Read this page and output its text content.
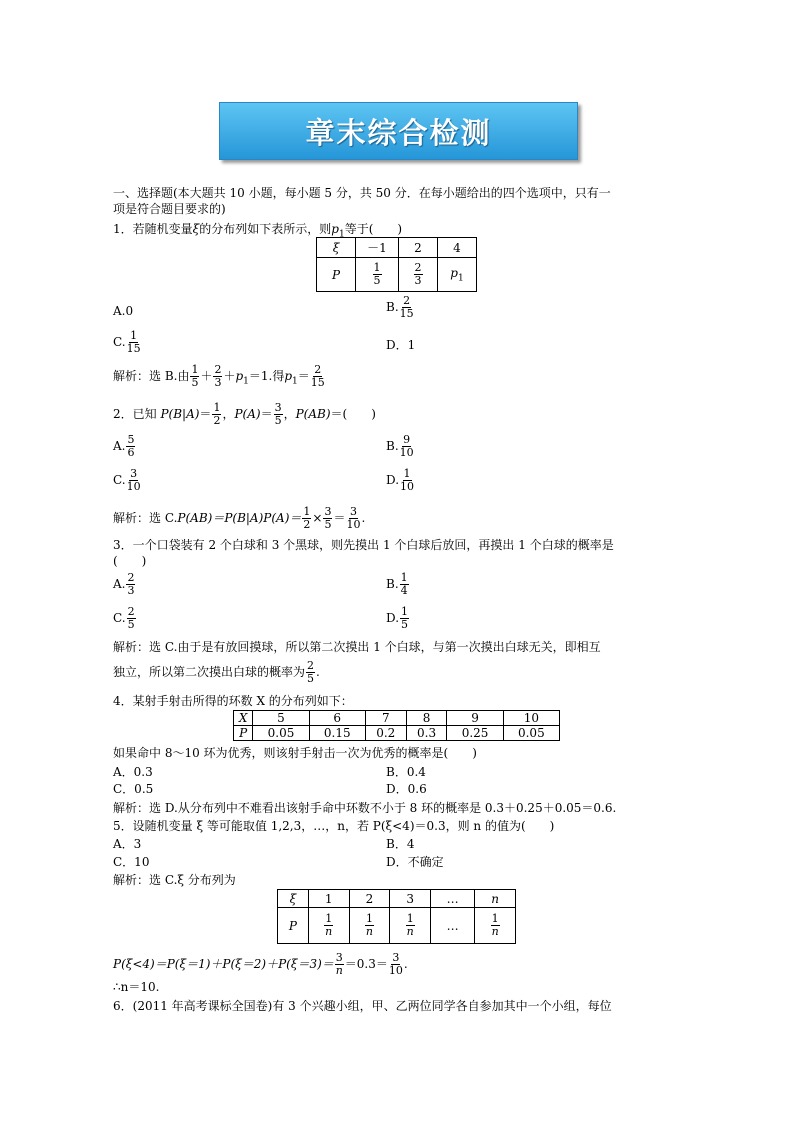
章末综合检测
一、选择题(本大题共 10 小题，每小题 5 分，共 50 分．在每小题给出的四个选项中，只有一
项是符合题目要求的)
1．若随机变量ξ的分布列如下表所示，则$p_1$等于(　　)
ξ	－1	2	4
P	$\frac{1}{5}$	$\frac{2}{3}$	$p_1$
A.0	B. $\frac{2}{15}$
C. $\frac{1}{15}$	D．1
解析：选 B.由 $\frac{1}{5} + \frac{2}{3} +p_1=1$.得$p_1= \frac{2}{15}$
2．已知 $P(B|A)= \frac{1}{2}$ ，$P(A)= \frac{3}{5}$ ，P(AB)＝(　　)
A. $\frac{5}{6}$	B. $\frac{9}{10}$
C. $\frac{3}{10}$	D. $\frac{1}{10}$
解析：选 $C.P(AB)=P(B|A)P(A)= \frac{1}{2} \times \frac{3}{5} = \frac{3}{10}$ .
3．一个口袋装有 2 个白球和 3 个黑球，则先摸出 1 个白球后放回，再摸出 1 个白球的概率是
(　　)
A. $\frac{2}{3}$	B. $\frac{1}{4}$
C. $\frac{2}{5}$	D. $\frac{1}{5}$
解析：选 C.由于是有放回摸球，所以第二次摸出 1 个白球，与第一次摸出白球无关，即相互
独立，所以第二次摸出白球的概率为 $\frac{2}{5}$ .
4．某射手射击所得的环数 X 的分布列如下：
X	5	6	7	8	9	10
P	0.05	0.15	0.2	0.3	0.25	0.05
如果命中 8～10 环为优秀，则该射手射击一次为优秀的概率是(　　)
A．0.3	B．0.4
C．0.5	D．0.6
解析：选 D.从分布列中不难看出该射手命中环数不小于 8 环的概率是 0.3＋0.25＋0.05＝0.6.
5．设随机变量 ξ 等可能取值 1,2,3，…，n，若 P(ξ<4)＝0.3，则 n 的值为(　　)
A．3	B．4
C．10	D．不确定
解析：选 C.ξ 分布列为
ξ	1	2	3	…	n
P	$\frac{1}{n}$	$\frac{1}{n}$	$\frac{1}{n}$	…	$\frac{1}{n}$
$P(\xi<4)=P(\xi=1)+P(\xi=2)+P(\xi=3)= \frac{3}{n} =0.3= \frac{3}{10}$ .
∴n＝10.
6．(2011 年高考课标全国卷)有 3 个兴趣小组，甲、乙两位同学各自参加其中一个小组，每位
